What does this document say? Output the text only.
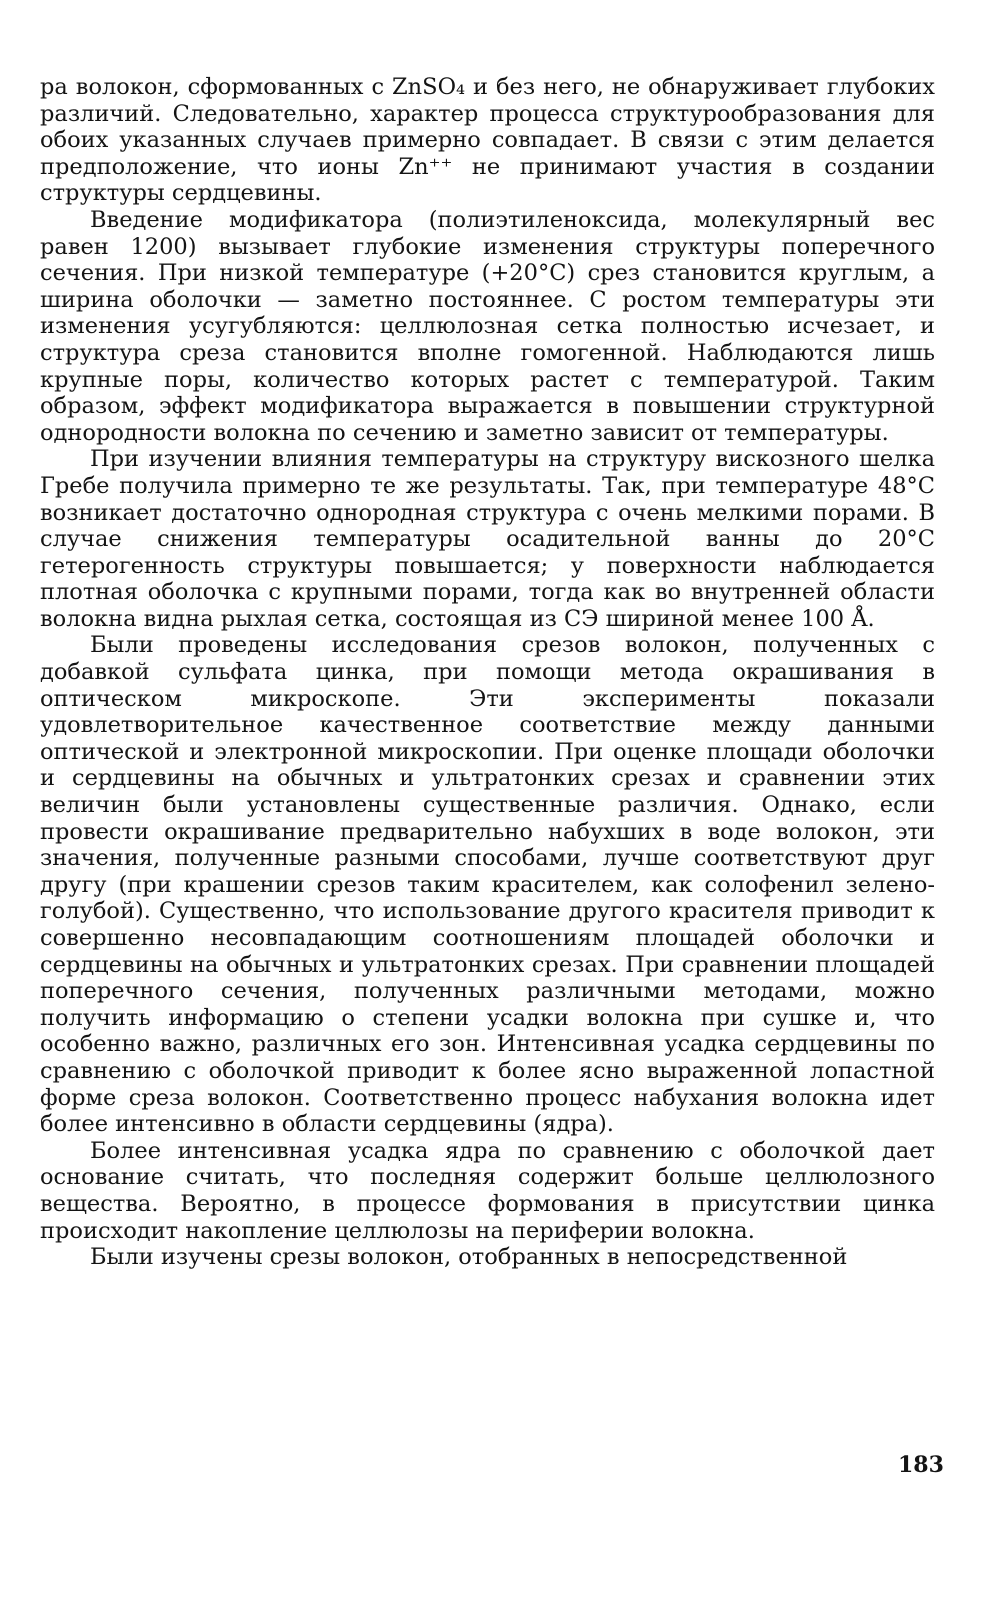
ра волокон, сформованных с ZnSO₄ и без него, не обнаруживает глубоких различий. Следовательно, характер процесса структурообразования для обоих указанных случаев примерно совпадает. В связи с этим делается предположение, что ионы Zn⁺⁺ не принимают участия в создании структуры сердцевины.

Введение модификатора (полиэтиленоксида, молекулярный вес равен 1200) вызывает глубокие изменения структуры поперечного сечения. При низкой температуре (+20°С) срез становится круглым, а ширина оболочки — заметно постояннее. С ростом температуры эти изменения усугубляются: целлюлозная сетка полностью исчезает, и структура среза становится вполне гомогенной. Наблюдаются лишь крупные поры, количество которых растет с температурой. Таким образом, эффект модификатора выражается в повышении структурной однородности волокна по сечению и заметно зависит от температуры.

При изучении влияния температуры на структуру вискозного шелка Гребе получила примерно те же результаты. Так, при температуре 48°С возникает достаточно однородная структура с очень мелкими порами. В случае снижения температуры осадительной ванны до 20°С гетерогенность структуры повышается; у поверхности наблюдается плотная оболочка с крупными порами, тогда как во внутренней области волокна видна рыхлая сетка, состоящая из СЭ шириной менее 100 Å.

Были проведены исследования срезов волокон, полученных с добавкой сульфата цинка, при помощи метода окрашивания в оптическом микроскопе. Эти эксперименты показали удовлетворительное качественное соответствие между данными оптической и электронной микроскопии. При оценке площади оболочки и сердцевины на обычных и ультратонких срезах и сравнении этих величин были установлены существенные различия. Однако, если провести окрашивание предварительно набухших в воде волокон, эти значения, полученные разными способами, лучше соответствуют друг другу (при крашении срезов таким красителем, как солофенил зелено-голубой). Существенно, что использование другого красителя приводит к совершенно несовпадающим соотношениям площадей оболочки и сердцевины на обычных и ультратонких срезах. При сравнении площадей поперечного сечения, полученных различными методами, можно получить информацию о степени усадки волокна при сушке и, что особенно важно, различных его зон. Интенсивная усадка сердцевины по сравнению с оболочкой приводит к более ясно выраженной лопастной форме среза волокон. Соответственно процесс набухания волокна идет более интенсивно в области сердцевины (ядра).

Более интенсивная усадка ядра по сравнению с оболочкой дает основание считать, что последняя содержит больше целлюлозного вещества. Вероятно, в процессе формования в присутствии цинка происходит накопление целлюлозы на периферии волокна.

Были изучены срезы волокон, отобранных в непосредственной

183
